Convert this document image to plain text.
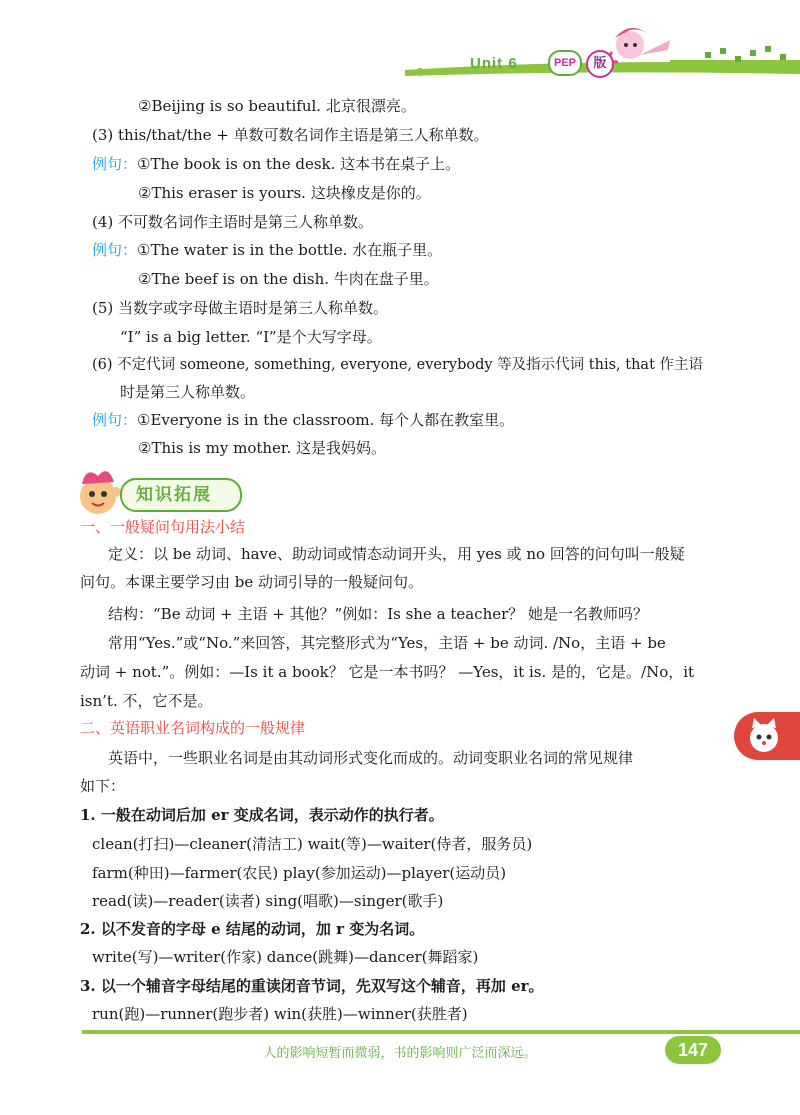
Unit 6	PEP	版
②Beijing is so beautiful. 北京很漂亮。
(3) this/that/the + 单数可数名词作主语是第三人称单数。
例句：①The book is on the desk. 这本书在桌子上。
②This eraser is yours. 这块橡皮是你的。
(4) 不可数名词作主语时是第三人称单数。
例句：①The water is in the bottle. 水在瓶子里。
②The beef is on the dish. 牛肉在盘子里。
(5) 当数字或字母做主语时是第三人称单数。
“I” is a big letter. “I”是个大写字母。
(6) 不定代词 someone, something, everyone, everybody 等及指示代词 this, that 作主语
时是第三人称单数。
例句：①Everyone is in the classroom. 每个人都在教室里。
②This is my mother. 这是我妈妈。
知识拓展
一、一般疑问句用法小结
定义：以 be 动词、have、助动词或情态动词开头，用 yes 或 no 回答的问句叫一般疑
问句。本课主要学习由 be 动词引导的一般疑问句。
结构：“Be 动词 + 主语 + 其他？”例如：Is she a teacher？ 她是一名教师吗？
常用“Yes.”或“No.”来回答，其完整形式为“Yes，主语 + be 动词. /No，主语 + be
动词 + not.”。例如：—Is it a book？ 它是一本书吗？ —Yes，it is. 是的，它是。/No，it
isn’t. 不，它不是。
二、英语职业名词构成的一般规律
英语中，一些职业名词是由其动词形式变化而成的。动词变职业名词的常见规律
如下：
1. 一般在动词后加 er 变成名词，表示动作的执行者。
clean(打扫)—cleaner(清洁工) wait(等)—waiter(侍者，服务员)
farm(种田)—farmer(农民) play(参加运动)—player(运动员)
read(读)—reader(读者) sing(唱歌)—singer(歌手)
2. 以不发音的字母 e 结尾的动词，加 r 变为名词。
write(写)—writer(作家) dance(跳舞)—dancer(舞蹈家)
3. 以一个辅音字母结尾的重读闭音节词，先双写这个辅音，再加 er。
run(跑)—runner(跑步者) win(获胜)—winner(获胜者)
人的影响短暂而微弱，书的影响则广泛而深远。	147
